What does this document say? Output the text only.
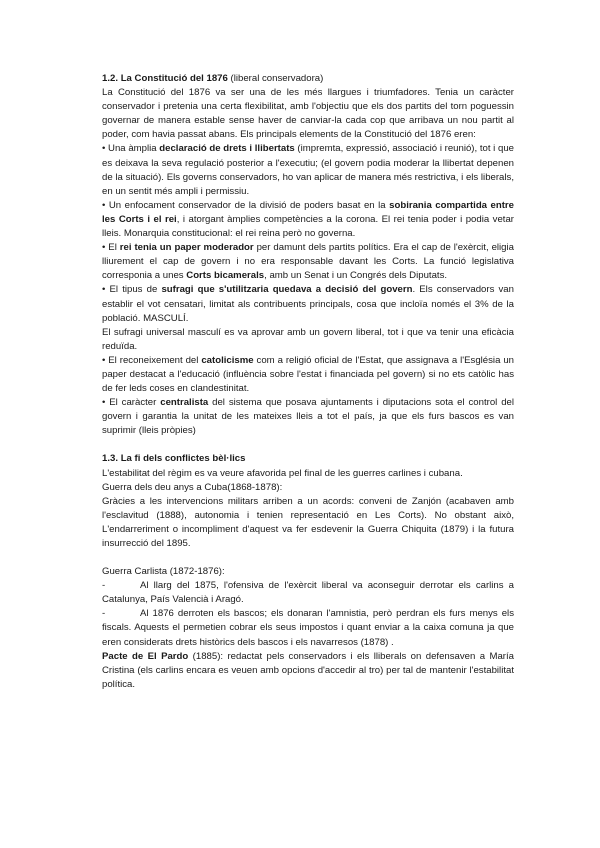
1.2. La Constitució del 1876 (liberal conservadora)

La Constitució del 1876 va ser una de les més llargues i triumfadores. Tenia un caràcter conservador i pretenia una certa flexibilitat, amb l'objectiu que els dos partits del torn poguessin governar de manera estable sense haver de canviar-la cada cop que arribava un nou partit al poder, com havia passat abans. Els principals elements de la Constitució del 1876 eren:

• Una àmplia declaració de drets i llibertats (impremta, expressió, associació i reunió), tot i que es deixava la seva regulació posterior a l'executiu; (el govern podia moderar la llibertat depenen de la situació). Els governs conservadors, ho van aplicar de manera més restrictiva, i els liberals, en un sentit més ampli i permissiu.

• Un enfocament conservador de la divisió de poders basat en la sobirania compartida entre les Corts i el rei, i atorgant àmplies competències a la corona. El rei tenia poder i podia vetar lleis. Monarquia constitucional: el rei reina però no governa.

• El rei tenia un paper moderador per damunt dels partits polítics. Era el cap de l'exèrcit, eligia lliurement el cap de govern i no era responsable davant les Corts. La funció legislativa corresponia a unes Corts bicamerals, amb un Senat i un Congrés dels Diputats.

• El tipus de sufragi que s'utilitzaria quedava a decisió del govern. Els conservadors van establir el vot censatari, limitat als contribuents principals, cosa que incloïa només el 3% de la població. MASCULÍ.

El sufragi universal masculí es va aprovar amb un govern liberal, tot i que va tenir una eficàcia reduïda.

• El reconeixement del catolicisme com a religió oficial de l'Estat, que assignava a l'Església un paper destacat a l'educació (influència sobre l'estat i financiada pel govern) si no ets catòlic has de fer leds coses en clandestinitat.

• El caràcter centralista del sistema que posava ajuntaments i diputacions sota el control del govern i garantia la unitat de les mateixes lleis a tot el país, ja que els furs bascos es van suprimir (lleis pròpies)

1.3. La fi dels conflictes bèl·lics

L'estabilitat del règim es va veure afavorida pel final de les guerres carlines i cubana.

Guerra dels deu anys a Cuba(1868-1878):

Gràcies a les intervencions militars arriben a un acords: conveni de Zanjón (acabaven amb l'esclavitud (1888), autonomia i tenien representació en Les Corts). No obstant això, L'endarreriment o incompliment d'aquest va fer esdevenir la Guerra Chiquita (1879) i la futura insurrecció del 1895.

Guerra Carlista (1872-1876):

-	Al llarg del 1875, l'ofensiva de l'exèrcit liberal va aconseguir derrotar els carlins a Catalunya, País Valencià i Aragó.

-	Al 1876 derroten els bascos; els donaran l'amnistia, però perdran els furs menys els fiscals. Aquests el permetien cobrar els seus impostos i quant enviar a la caixa comuna ja que eren considerats drets històrics dels bascos i els navarresos (1878) .

Pacte de El Pardo (1885): redactat pels conservadors i els lliberals on defensaven a María Cristina (els carlins encara es veuen amb opcions d'accedir al tro) per tal de mantenir l'estabilitat política.
